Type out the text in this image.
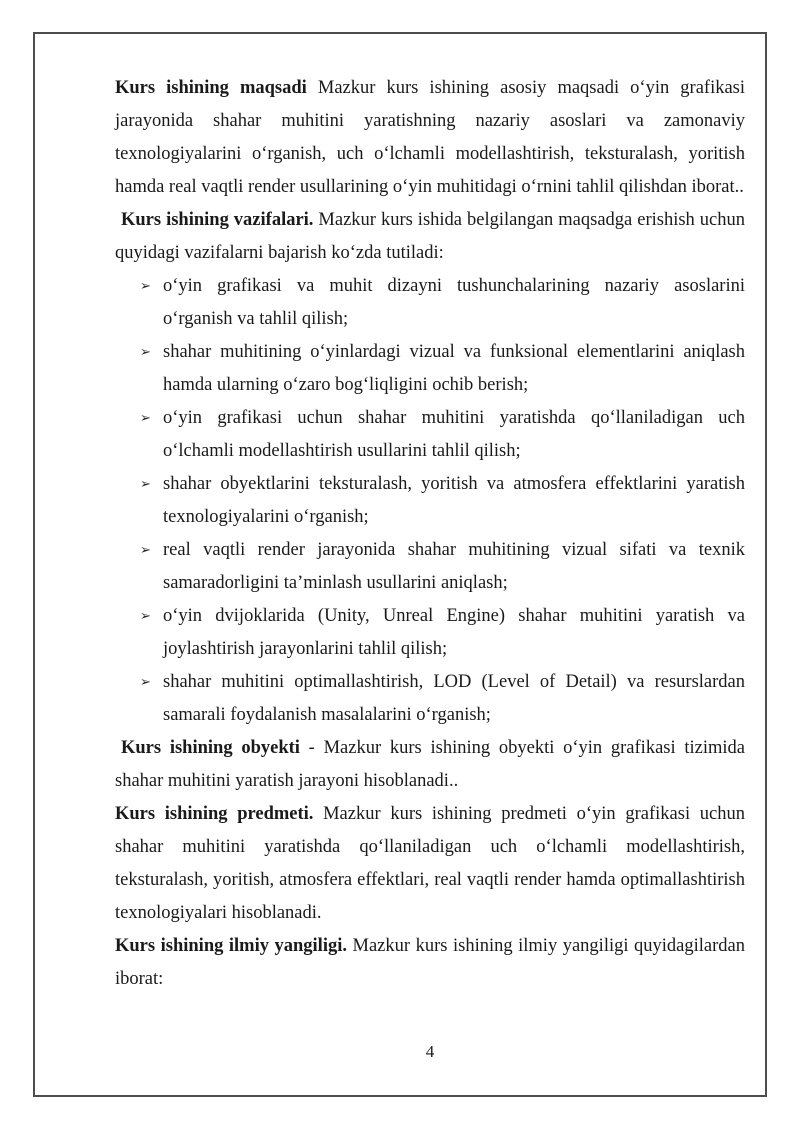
Kurs ishining maqsadi Mazkur kurs ishining asosiy maqsadi oʻyin grafikasi jarayonida shahar muhitini yaratishning nazariy asoslari va zamonaviy texnologiyalarini oʻrganish, uch oʻlchamli modellashtirish, teksturalash, yoritish hamda real vaqtli render usullarining oʻyin muhitidagi oʻrnini tahlil qilishdan iborat..

Kurs ishining vazifalari. Mazkur kurs ishida belgilangan maqsadga erishish uchun quyidagi vazifalarni bajarish koʻzda tutiladi:

➢ oʻyin grafikasi va muhit dizayni tushunchalarining nazariy asoslarini oʻrganish va tahlil qilish;
➢ shahar muhitining oʻyinlardagi vizual va funksional elementlarini aniqlash hamda ularning oʻzaro bogʻliqligini ochib berish;
➢ oʻyin grafikasi uchun shahar muhitini yaratishda qoʻllaniladigan uch oʻlchamli modellashtirish usullarini tahlil qilish;
➢ shahar obyektlarini teksturalash, yoritish va atmosfera effektlarini yaratish texnologiyalarini oʻrganish;
➢ real vaqtli render jarayonida shahar muhitining vizual sifati va texnik samaradorligini taʼminlash usullarini aniqlash;
➢ oʻyin dvijoklarida (Unity, Unreal Engine) shahar muhitini yaratish va joylashtirish jarayonlarini tahlil qilish;
➢ shahar muhitini optimallashtirish, LOD (Level of Detail) va resurslardan samarali foydalanish masalalarini oʻrganish;

Kurs ishining obyekti - Mazkur kurs ishining obyekti oʻyin grafikasi tizimida shahar muhitini yaratish jarayoni hisoblanadi..

Kurs ishining predmeti. Mazkur kurs ishining predmeti oʻyin grafikasi uchun shahar muhitini yaratishda qoʻllaniladigan uch oʻlchamli modellashtirish, teksturalash, yoritish, atmosfera effektlari, real vaqtli render hamda optimallashtirish texnologiyalari hisoblanadi.

Kurs ishining ilmiy yangiligi. Mazkur kurs ishining ilmiy yangiligi quyidagilardan iborat:

4
